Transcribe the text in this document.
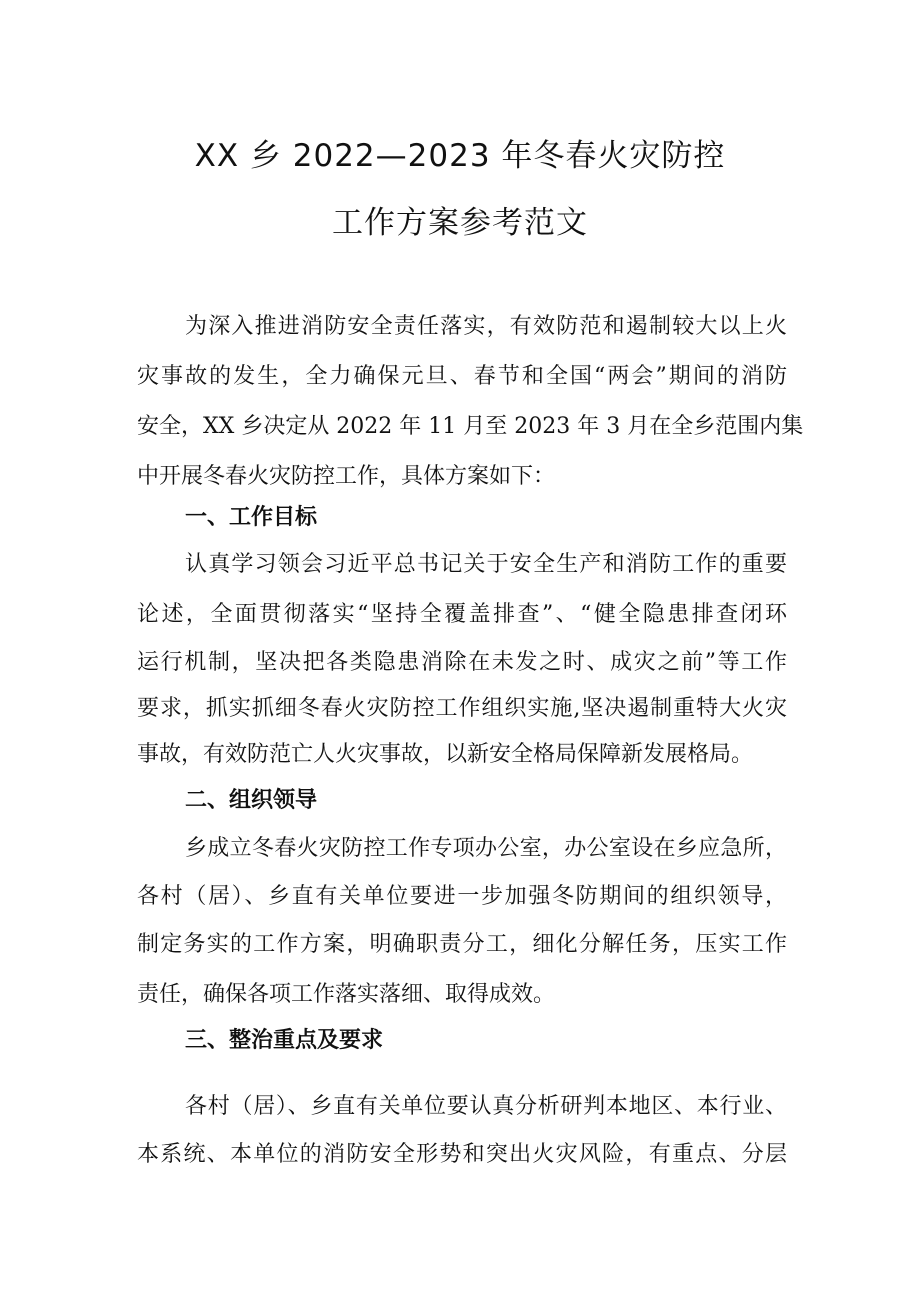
XX 乡 2022—2023 年冬春火灾防控
工作方案参考范文
为深入推进消防安全责任落实，有效防范和遏制较大以上火
灾事故的发生，全力确保元旦、春节和全国“两会”期间的消防
安全，XX 乡决定从 2022 年 11 月至 2023 年 3 月在全乡范围内集
中开展冬春火灾防控工作，具体方案如下：
一、工作目标
认真学习领会习近平总书记关于安全生产和消防工作的重要
论述，全面贯彻落实“坚持全覆盖排查”、“健全隐患排查闭环
运行机制，坚决把各类隐患消除在未发之时、成灾之前”等工作
要求，抓实抓细冬春火灾防控工作组织实施,坚决遏制重特大火灾
事故，有效防范亡人火灾事故，以新安全格局保障新发展格局。
二、组织领导
乡成立冬春火灾防控工作专项办公室，办公室设在乡应急所，
各村（居）、乡直有关单位要进一步加强冬防期间的组织领导，
制定务实的工作方案，明确职责分工，细化分解任务，压实工作
责任，确保各项工作落实落细、取得成效。
三、整治重点及要求
各村（居）、乡直有关单位要认真分析研判本地区、本行业、
本系统、本单位的消防安全形势和突出火灾风险，有重点、分层
